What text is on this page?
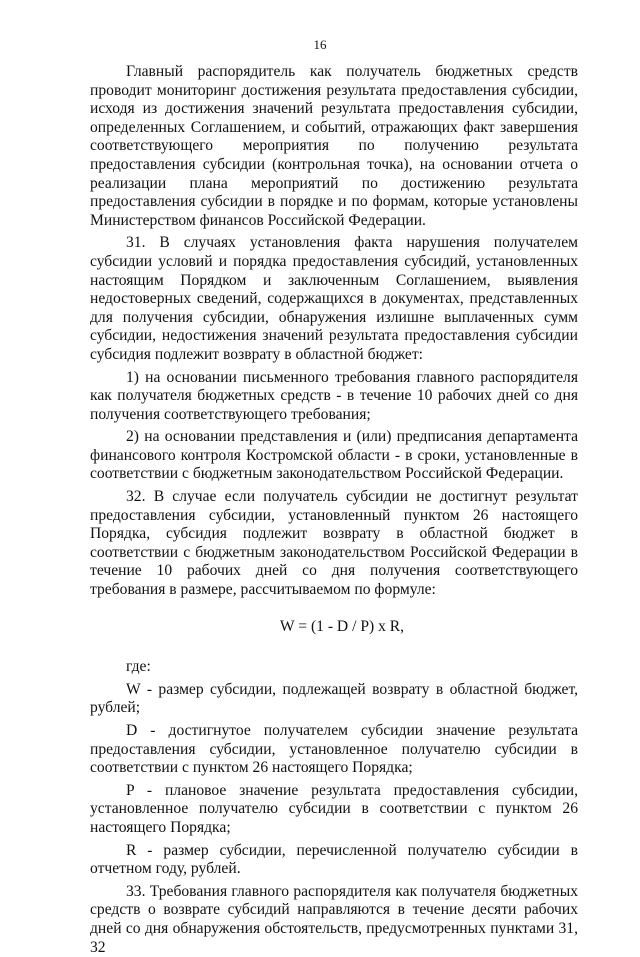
16

Главный распорядитель как получатель бюджетных средств проводит мониторинг достижения результата предоставления субсидии, исходя из достижения значений результата предоставления субсидии, определенных Соглашением, и событий, отражающих факт завершения соответствующего мероприятия по получению результата предоставления субсидии (контрольная точка), на основании отчета о реализации плана мероприятий по достижению результата предоставления субсидии в порядке и по формам, которые установлены Министерством финансов Российской Федерации.

31. В случаях установления факта нарушения получателем субсидии условий и порядка предоставления субсидий, установленных настоящим Порядком и заключенным Соглашением, выявления недостоверных сведений, содержащихся в документах, представленных для получения субсидии, обнаружения излишне выплаченных сумм субсидии, недостижения значений результата предоставления субсидии субсидия подлежит возврату в областной бюджет:

1) на основании письменного требования главного распорядителя как получателя бюджетных средств - в течение 10 рабочих дней со дня получения соответствующего требования;

2) на основании представления и (или) предписания департамента финансового контроля Костромской области - в сроки, установленные в соответствии с бюджетным законодательством Российской Федерации.

32. В случае если получатель субсидии не достигнут результат предоставления субсидии, установленный пунктом 26 настоящего Порядка, субсидия подлежит возврату в областной бюджет в соответствии с бюджетным законодательством Российской Федерации в течение 10 рабочих дней со дня получения соответствующего требования в размере, рассчитываемом по формуле:

W = (1 - D / P) x R,

где:

W - размер субсидии, подлежащей возврату в областной бюджет, рублей;

D - достигнутое получателем субсидии значение результата предоставления субсидии, установленное получателю субсидии в соответствии с пунктом 26 настоящего Порядка;

P - плановое значение результата предоставления субсидии, установленное получателю субсидии в соответствии с пунктом 26 настоящего Порядка;

R - размер субсидии, перечисленной получателю субсидии в отчетном году, рублей.

33. Требования главного распорядителя как получателя бюджетных средств о возврате субсидий направляются в течение десяти рабочих дней со дня обнаружения обстоятельств, предусмотренных пунктами 31, 32
